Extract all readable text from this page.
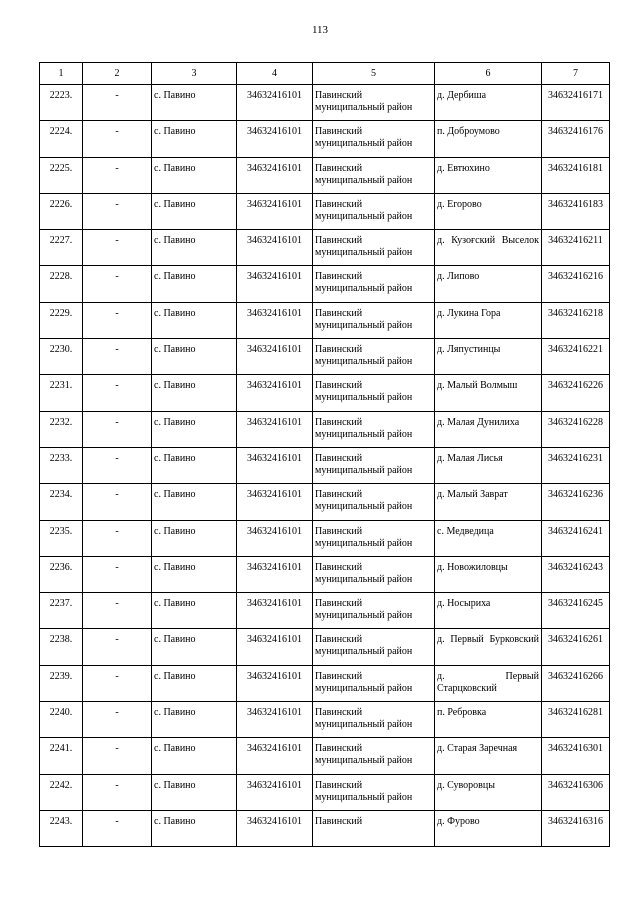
113
1	2	3	4	5	6	7
2223.	-	с. Павино	34632416101	Павинский муниципальный район	д. Дербиша	34632416171
2224.	-	с. Павино	34632416101	Павинский муниципальный район	п. Доброумово	34632416176
2225.	-	с. Павино	34632416101	Павинский муниципальный район	д. Евтюхино	34632416181
2226.	-	с. Павино	34632416101	Павинский муниципальный район	д. Егорово	34632416183
2227.	-	с. Павино	34632416101	Павинский муниципальный район	д. Кузоғский Выселок	34632416211
2228.	-	с. Павино	34632416101	Павинский муниципальный район	д. Липово	34632416216
2229.	-	с. Павино	34632416101	Павинский муниципальный район	д. Лукина Гора	34632416218
2230.	-	с. Павино	34632416101	Павинский муниципальный район	д. Ляпустинцы	34632416221
2231.	-	с. Павино	34632416101	Павинский муниципальный район	д. Малый Волмыш	34632416226
2232.	-	с. Павино	34632416101	Павинский муниципальный район	д. Малая Дунилиха	34632416228
2233.	-	с. Павино	34632416101	Павинский муниципальный район	д. Малая Лисья	34632416231
2234.	-	с. Павино	34632416101	Павинский муниципальный район	д. Малый Заврат	34632416236
2235.	-	с. Павино	34632416101	Павинский муниципальный район	с. Медведица	34632416241
2236.	-	с. Павино	34632416101	Павинский муниципальный район	д. Новожиловцы	34632416243
2237.	-	с. Павино	34632416101	Павинский муниципальный район	д. Носыриха	34632416245
2238.	-	с. Павино	34632416101	Павинский муниципальный район	д. Первый Бурковский	34632416261
2239.	-	с. Павино	34632416101	Павинский муниципальный район	д. Первый Старцковский	34632416266
2240.	-	с. Павино	34632416101	Павинский муниципальный район	п. Ребровка	34632416281
2241.	-	с. Павино	34632416101	Павинский муниципальный район	д. Старая Заречная	34632416301
2242.	-	с. Павино	34632416101	Павинский муниципальный район	д. Суворовцы	34632416306
2243.	-	с. Павино	34632416101	Павинский	д. Фурово	34632416316
